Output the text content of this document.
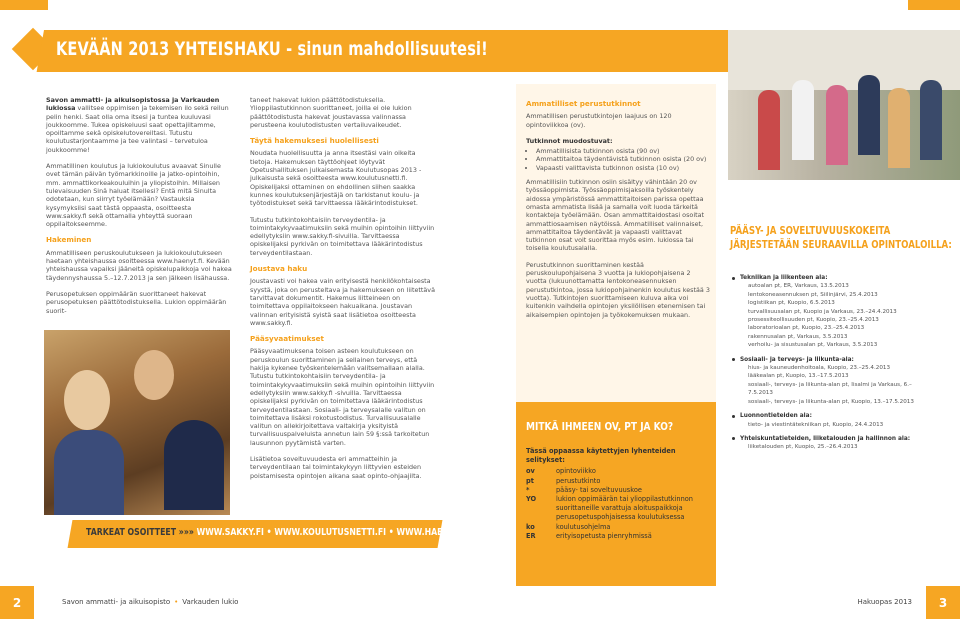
KEVÄÄN 2013 YHTEISHAKU - sinun mahdollisuutesi!

Savon ammatti- ja aikuisopistossa ja Varkauden lukiossa vallitsee oppimisen ja tekemisen ilo sekä reilun pelin henki. Saat olla oma itsesi ja tuntea kuuluvasi joukkoomme. Tukea opiskeluusi saat opettajiltamme, opoiltamme sekä opiskelutovereiltasi. Tutustu koulutustarjontaamme ja tee valintasi – tervetuloa joukkoomme!

Ammatillinen koulutus ja lukiokoulutus avaavat Sinulle ovet tämän päivän työmarkkinoille ja jatko-opintoihin, mm. ammattikorkeakouluihin ja yliopistoihin. Millaisen tulevaisuuden Sinä haluat itsellesi? Entä mitä Sinulta odotetaan, kun siirryt työelämään? Vastauksia kysymyksiisi saat tästä oppaasta, osoitteesta www.sakky.fi sekä ottamalla yhteyttä suoraan oppilaitokseemme.

Hakeminen

Ammatilliseen peruskoulutukseen ja lukiokoulutukseen haetaan yhteishaussa osoitteessa www.haenyt.fi. Kevään yhteishaussa vapaiksi jääneitä opiskelupaikkoja voi hakea täydennyshaussa 5.–12.7.2013 ja sen jälkeen lisähaussa.

Perusopetuksen oppimäärän suorittaneet hakevat perusopetuksen päättötodistuksella. Lukion oppimäärän suorit-

taneet hakevat lukion päättötodistuksella. Ylioppilastutkinnon suorittaneet, joilla ei ole lukion päättötodistusta hakevat joustavassa valinnassa perusteena koulutodistusten vertailuvaikeudet.

Täytä hakemuksesi huolellisesti

Noudata huolellisuutta ja anna itsestäsi vain oikeita tietoja. Hakemuksen täyttöohjeet löytyvät Opetushallituksen julkaisemasta Koulutusopas 2013 -julkaisusta sekä osoitteesta www.koulutusnetti.fi. Opiskelijaksi ottaminen on ehdollinen siihen saakka kunnes koulutuksenjärjestäjä on tarkistanut koulu- ja työtodistukset sekä tarvittaessa lääkärintodistukset.

Tutustu tutkintokohtaisiin terveydentila- ja toimintakykyvaatimuksiin sekä muihin opintoihin liittyviin edellytyksiin www.sakky.fi-sivuilla. Tarvittaessa opiskelijaksi pyrkivän on toimitettava lääkärintodistus terveydentilastaan.

Joustava haku

Joustavasti voi hakea vain erityisestä henkilökohtaisesta syystä, joka on perusteltava ja hakemukseen on liitettävä tarvittavat dokumentit. Hakemus liitteineen on toimitettava oppilaitokseen hakuaikana. Joustavan valinnan erityisistä syistä saat lisätietoa osoitteesta www.sakky.fi.

Pääsyvaatimukset

Pääsyvaatimuksena toisen asteen koulutukseen on peruskoulun suorittaminen ja sellainen terveys, että hakija kykenee työskentelemään valitsemallaan alalla. Tutustu tutkintokohtaisiin terveydentila- ja toimintakykyvaatimuksiin sekä muihin opintoihin liittyviin edellytyksiin www.sakky.fi -sivuilla. Tarvittaessa opiskelijaksi pyrkivän on toimitettava lääkärintodistus terveydentilastaan. Sosiaali- ja terveysalalle valitun on toimitettava lisäksi rokotustodistus. Turvallisuusalalle valitun on allekirjoitettava valtakirja yksityistä turvallisuuspalveluista annetun lain 59 §:ssä tarkoitetun lausunnon pyytämistä varten.

Lisätietoa soveltuvuudesta eri ammatteihin ja terveydentilaan tai toimintakykyyn liittyvien esteiden poistamisesta opintojen aikana saat opinto-ohjaajilta.

TÄRKEÄT OSOITTEET »»» WWW.SAKKY.FI • WWW.KOULUTUSNETTI.FI • WWW.HAENYT.FI
Ammatilliset perustutkinnot

Ammatillisen perustutkintojen laajuus on 120 opintoviikkoa (ov).

Tutkinnot muodostuvat:
• Ammatillisista tutkinnon osista (90 ov)
• Ammattitaitoa täydentävistä tutkinnon osista (20 ov)
• Vapaasti valittavista tutkinnon osista (10 ov)

Ammatillisiin tutkinnon osiin sisältyy vähintään 20 ov työssäoppimista. Työssäoppimisjaksoilla työskentely aidossa ympäristössä ammattitaitoisen parissa opettaa omasta ammatista lisää ja samalla voit luoda tärkeitä kontakteja työelämään. Osan ammattitaidostasi osoitat ammattiosaamisen näytöissä. Ammatilliset valinnaiset, ammattitaitoa täydentävät ja vapaasti valittavat tutkinnon osat voit suorittaa myös esim. lukiossa tai toisella koulutusalalla.

Perustutkinnon suorittaminen kestää peruskoulupohjaisena 3 vuotta ja lukiopohjaisena 2 vuotta (lukuunottamatta lentokoneasennuksen perustutkintoa, jossa lukiopohjainenkin koulutus kestää 3 vuotta). Tutkintojen suorittamiseen kuluva aika voi kuitenkin vaihdella opintojen yksilöllisen etenemisen tai aikaisempien opintojen ja työkokemuksen mukaan.

MITKÄ IHMEEN OV, PT JA KO?
Tässä oppaassa käytettyjen lyhenteiden selitykset:
ov	opintoviikko
pt	perustutkinto
*	pääsy- tai soveltuvuuskoe
YO	lukion oppimäärän tai ylioppilastutkinnon suorittaneille varattuja aloituspaikkoja perusopetuspohjaisessa koulutuksessa
ko	koulutusohjelma
ER	erityisopetusta pienryhmissä
PÄÄSY- JA SOVELTUVUUSKOKEITA
JÄRJESTETÄÄN SEURAAVILLA OPINTOALOILLA:
Tekniikan ja liikenteen ala:
autoalan pt, ER, Varkaus, 13.5.2013
lentokoneasennuksen pt, Siilinjärvi, 25.4.2013
logistiikan pt, Kuopio, 6.5.2013
turvallisuusalan pt, Kuopio ja Varkaus, 23.–24.4.2013
prosessiteollisuuden pt, Kuopio, 23.–25.4.2013
laboratorioalan pt, Kuopio, 23.–25.4.2013
rakennusalan pt, Varkaus, 3.5.2013
verhoilu- ja sisustusalan pt, Varkaus, 3.5.2013
Sosiaali- ja terveys- ja liikunta-ala:
hius- ja kauneudenhoitoala, Kuopio, 23.–25.4.2013
lääkealan pt, Kuopio, 13.–17.5.2013
sosiaali-, terveys- ja liikunta-alan pt, Iisalmi ja Varkaus, 6.–7.5.2013
sosiaali-, terveys- ja liikunta-alan pt, Kuopio, 13.–17.5.2013
Luonnontieteiden ala:
tieto- ja viestintätekniikan pt, Kuopio, 24.4.2013
Yhteiskuntatieteiden, liiketalouden ja hallinnon ala:
liiketalouden pt, Kuopio, 25.–26.4.2013
2	Savon ammatti- ja aikuisopisto • Varkauden lukio	Hakuopas 2013	3
